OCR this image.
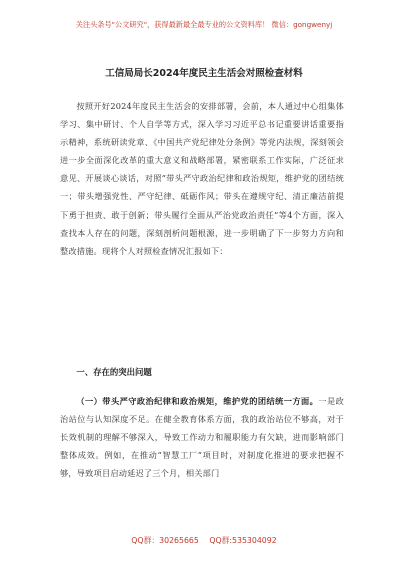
关注头条号"公文研究"，获得最新最全最专业的公文资料库！ 微信：gongwenyj
工信局局长2024年度民主生活会对照检查材料
按照开好2024年度民主生活会的安排部署，会前，本人通过中心组集体学习、集中研讨、个人自学等方式，深入学习习近平总书记重要讲话重要指示精神，系统研读党章、《中国共产党纪律处分条例》等党内法规，深刻领会进一步全面深化改革的重大意义和战略部署，紧密联系工作实际，广泛征求意见、开展谈心谈话，对照“带头严守政治纪律和政治规矩，维护党的团结统一；带头增强党性、严守纪律、砥砺作风；带头在遵规守纪、清正廉洁前提下勇于担责、敢于创新；带头履行全面从严治党政治责任”等4个方面，深入查找本人存在的问题，深刻剖析问题根源，进一步明确了下一步努力方向和整改措施。现将个人对照检查情况汇报如下：
一、存在的突出问题
（一）带头严守政治纪律和政治规矩，维护党的团结统一方面。一是政治站位与认知深度不足。在健全教育体系方面，我的政治站位不够高，对于长效机制的理解不够深入，导致工作动力和履职能力有欠缺，进而影响部门整体成效。例如，在推动“智慧工厂”项目时，对制度化推进的要求把握不够，导致项目启动延迟了三个月，相关部门
QQ群：30265665 QQ群:535304092
